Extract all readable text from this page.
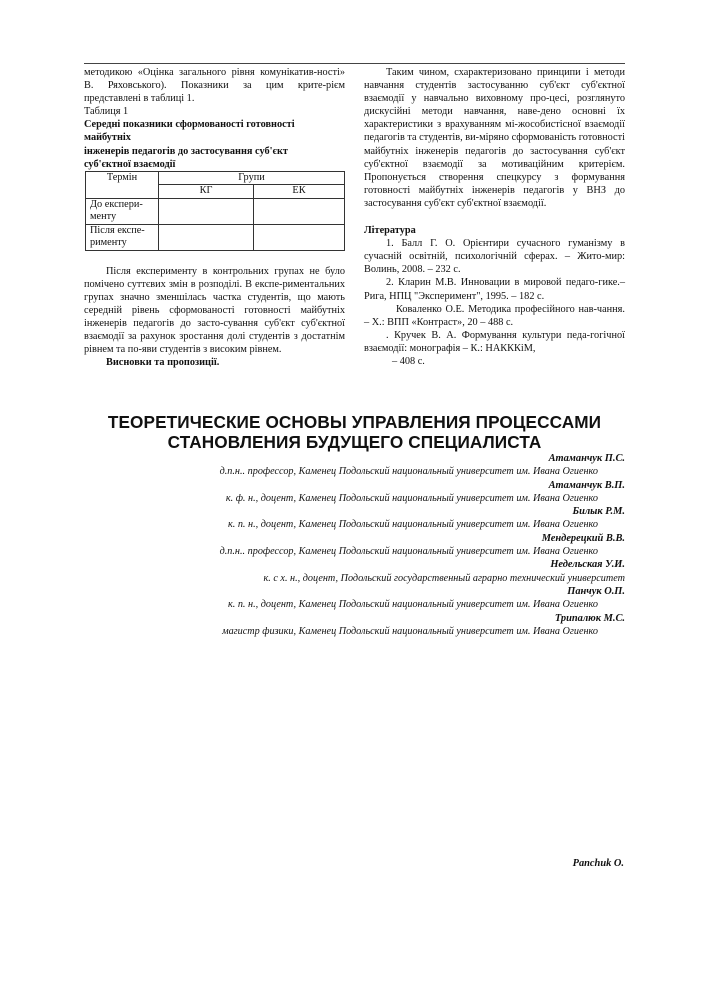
методикою «Оцінка загального рівня комунікатив-ності» В. Ряховського). Показники за цим крите-рієм представлені в таблиці 1.

Таблиця 1

Середні показники сформованості готовності

майбутніх

інженерів педагогів до застосування суб'єкт

суб'єктної взаємодії

Термін	Групи	
	КГ	ЕК
До експери-менту		
Після експе-рименту		

Після експерименту в контрольних групах не було помічено суттєвих змін в розподілі. В експе-риментальних групах значно зменшілась частка студентів, що мають середній рівень сформованості готовності майбутніх інженерів педагогів до засто-сування суб'єкт суб'єктної взаємодії за рахунок зростання долі студентів з достатнім рівнем та по-яви студентів з високим рівнем.

Висновки та пропозиції.

Таким чином, схарактеризовано принципи і методи навчання студентів застосуванню суб'єкт суб'єктної взаємодії у навчально виховному про-цесі, розглянуто дискусійні методи навчання, наве-дено основні їх характеристики з врахуванням мі-жособистісної взаємодії педагогів та студентів, ви-міряно сформованість готовності майбутніх інженерів педагогів до застосування суб'єкт суб'єктної взаємодії за мотиваційним критерієм. Пропонується створення спецкурсу з формування готовності майбутніх інженерів педагогів у ВНЗ до застосування суб'єкт суб'єктної взаємодії.

Література

1. Балл Г. О. Орієнтири сучасного гуманізму в сучасній освітній, психологічній сферах. – Жито-мир: Волинь, 2008. – 232 с.

2. Кларин М.В. Инновации в мировой педаго-гике.– Рига, НПЦ "Эксперимент", 1995. – 182 с.

Коваленко О.Е. Методика професійного нав-чання. – Х.: ВПП «Контраст», 20 – 488 с.

. Кручек В. А. Формування культури педа-гогічної взаємодії: монографія – К.: НАКККіМ,

– 408 с.

ТЕОРЕТИЧЕСКИЕ ОСНОВЫ УПРАВЛЕНИЯ ПРОЦЕССАМИ
СТАНОВЛЕНИЯ БУДУЩЕГО СПЕЦИАЛИСТА
Атаманчук П.С.
д.п.н.. профессор, Каменец Подольский национальный университет им. Ивана Огиенко
Атаманчук В.П.
к. ф. н., доцент, Каменец Подольский национальный университет им. Ивана Огиенко
Билык Р.М.
к. п. н., доцент, Каменец Подольский национальный университет им. Ивана Огиенко
Мендерецкий В.В.
д.п.н.. профессор, Каменец Подольский национальный университет им. Ивана Огиенко
Недельская У.И.
к. с х. н., доцент, Подольский государственный аграрно технический университет
Панчук О.П.
к. п. н., доцент, Каменец Подольский национальный университет им. Ивана Огиенко
Трипалюк М.С.
магистр физики, Каменец Подольский национальный университет им. Ивана Огиенко
Panchuk O.
